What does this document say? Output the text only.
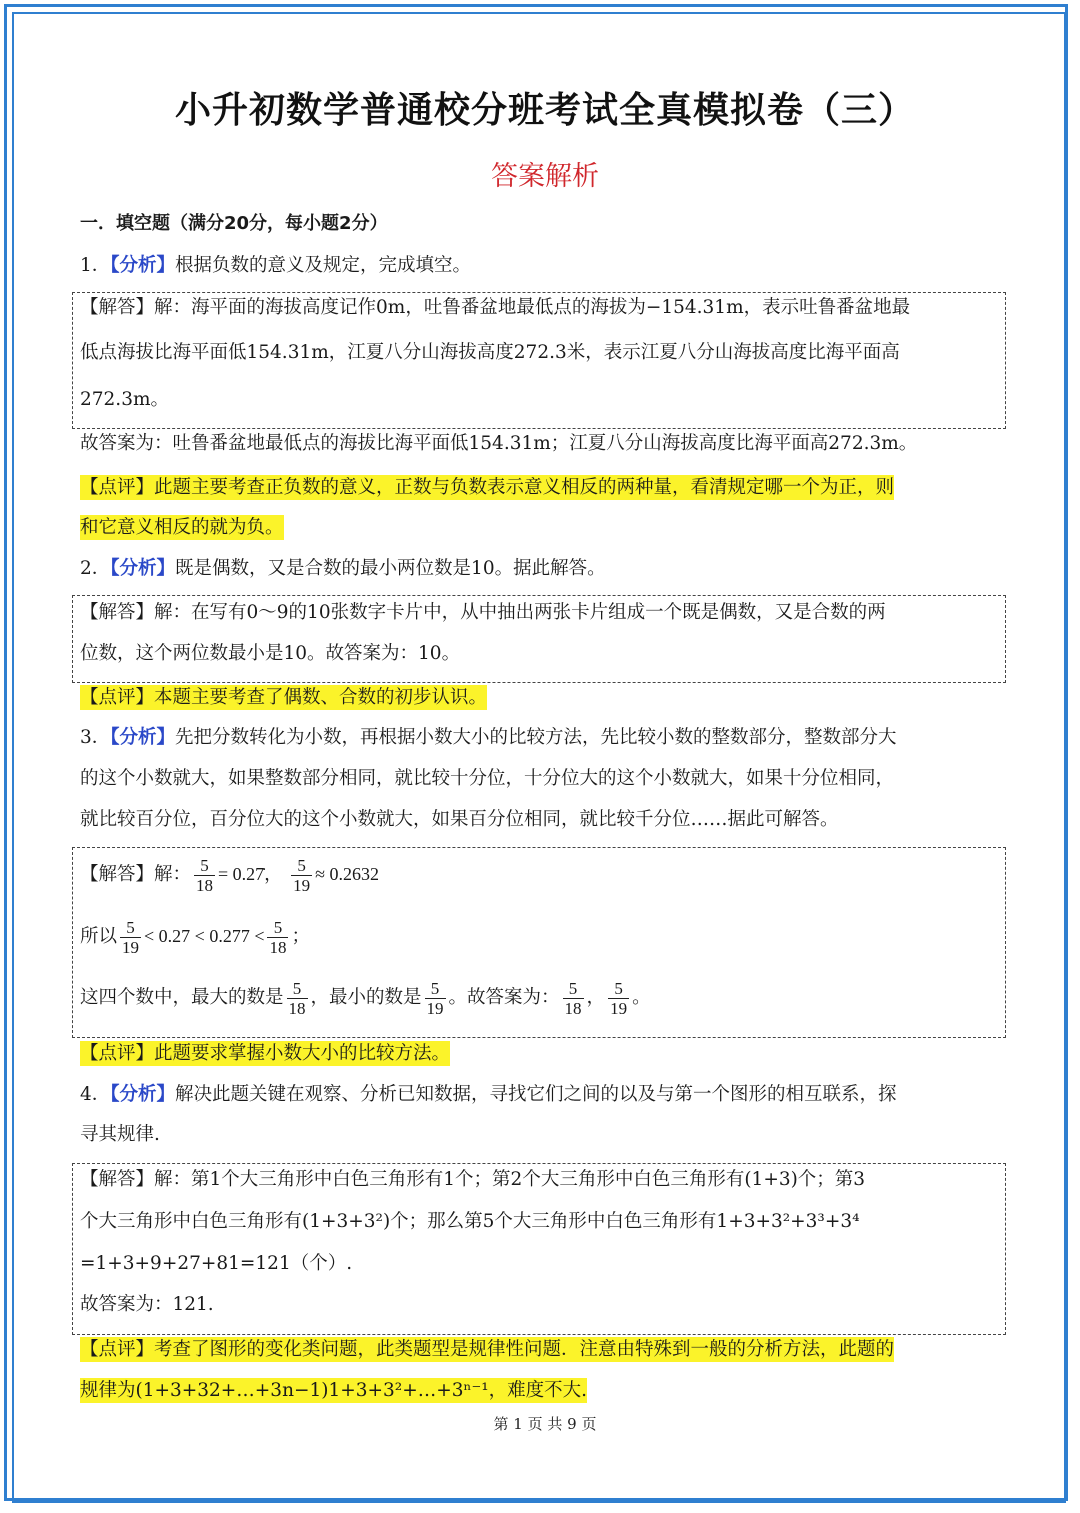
小升初数学普通校分班考试全真模拟卷（三）
答案解析
一．填空题（满分20分，每小题2分）
1．【分析】根据负数的意义及规定，完成填空。
【解答】解：海平面的海拔高度记作0m，吐鲁番盆地最低点的海拔为−154.31m，表示吐鲁番盆地最
低点海拔比海平面低154.31m，江夏八分山海拔高度272.3米，表示江夏八分山海拔高度比海平面高
272.3m。
故答案为：吐鲁番盆地最低点的海拔比海平面低154.31m；江夏八分山海拔高度比海平面高272.3m。
【点评】此题主要考查正负数的意义，正数与负数表示意义相反的两种量，看清规定哪一个为正，则
和它意义相反的就为负。
2．【分析】既是偶数，又是合数的最小两位数是10。据此解答。
【解答】解：在写有0～9的10张数字卡片中，从中抽出两张卡片组成一个既是偶数，又是合数的两
位数，这个两位数最小是10。故答案为：10。
【点评】本题主要考查了偶数、合数的初步认识。
3．【分析】先把分数转化为小数，再根据小数大小的比较方法，先比较小数的整数部分，整数部分大
的这个小数就大，如果整数部分相同，就比较十分位，十分位大的这个小数就大，如果十分位相同，
就比较百分位，百分位大的这个小数就大，如果百分位相同，就比较千分位……据此可解答。
【解答】解： $\frac{5}{18}$ = 0.27̇， $\frac{5}{19} \approx 0.2632$
所以 $\frac{5}{19} < 0.27 < 0.277 < \frac{5}{18}$ ；
这四个数中，最大的数是 $\frac{5}{18}$ ，最小的数是 $\frac{5}{19}$ 。故答案为： $\frac{5}{18}$ ， $\frac{5}{19}$ 。
【点评】此题要求掌握小数大小的比较方法。
4．【分析】解决此题关键在观察、分析已知数据，寻找它们之间的以及与第一个图形的相互联系，探
寻其规律.
【解答】解：第1个大三角形中白色三角形有1个；第2个大三角形中白色三角形有(1+3)个；第3
个大三角形中白色三角形有(1+3+3²)个；那么第5个大三角形中白色三角形有1+3+3²+3³+3⁴
=1+3+9+27+81=121（个）.
故答案为：121.
【点评】考查了图形的变化类问题，此类题型是规律性问题．注意由特殊到一般的分析方法，此题的
规律为(1+3+32+…+3n−1)1+3+3²+…+3ⁿ⁻¹，难度不大.
第 1 页 共 9 页
